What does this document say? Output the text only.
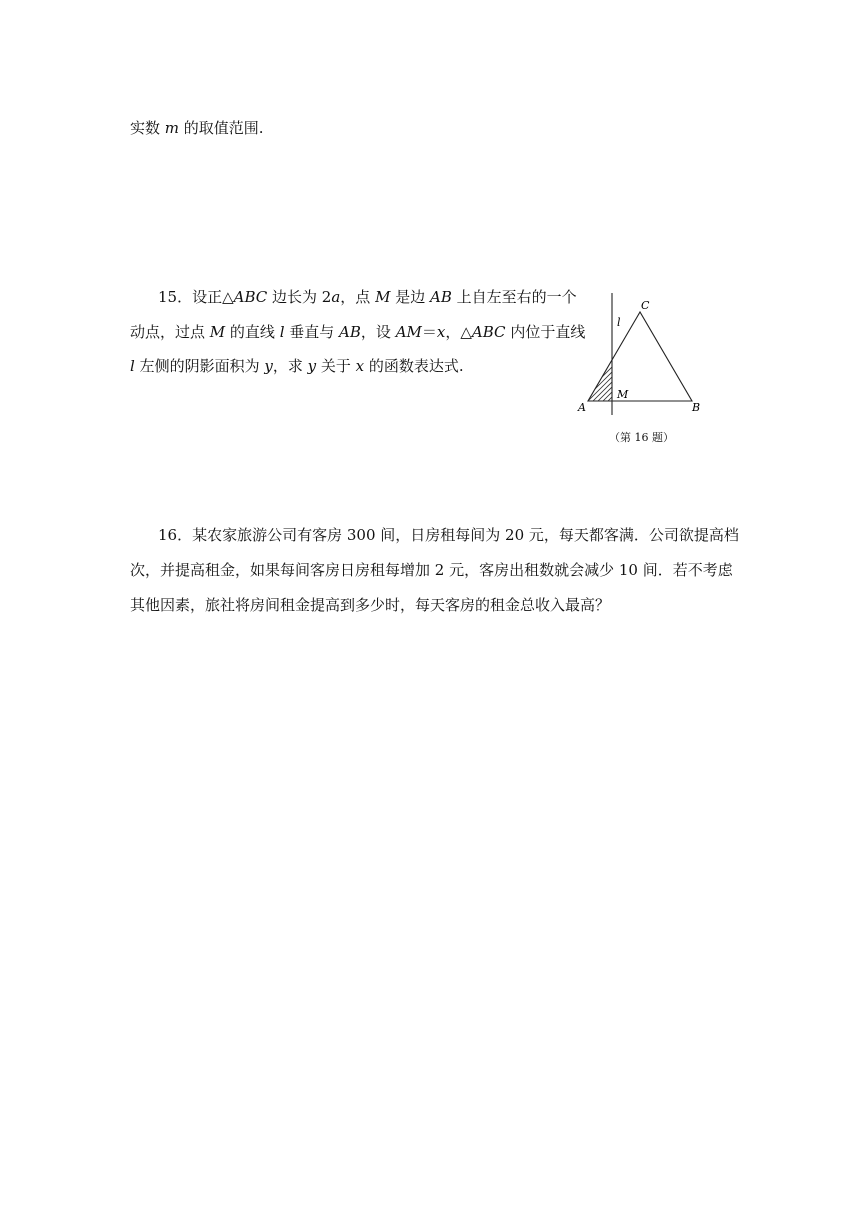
实数 m 的取值范围.
15．设正△ABC 边长为 2a，点 M 是边 AB 上自左至右的一个
动点，过点 M 的直线 l 垂直与 AB，设 AM＝x，△ABC 内位于直线
l 左侧的阴影面积为 y，求 y 关于 x 的函数表达式.
C
l
M
A	B
（第 16 题）
16．某农家旅游公司有客房 300 间，日房租每间为 20 元，每天都客满．公司欲提高档
次，并提高租金，如果每间客房日房租每增加 2 元，客房出租数就会减少 10 间．若不考虑
其他因素，旅社将房间租金提高到多少时，每天客房的租金总收入最高？
